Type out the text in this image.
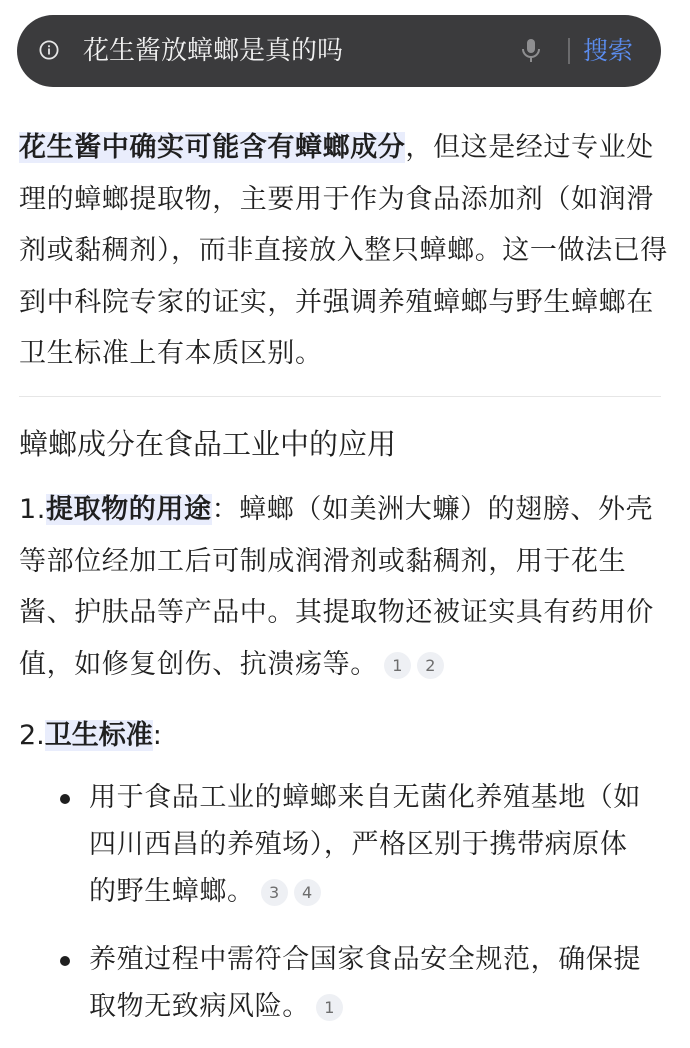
花生酱放蟑螂是真的吗	搜索
花生酱中确实可能含有蟑螂成分，但这是经过专业处理的蟑螂提取物，主要用于作为食品添加剂（如润滑剂或黏稠剂），而非直接放入整只蟑螂。这一做法已得到中科院专家的证实，并强调养殖蟑螂与野生蟑螂在卫生标准上有本质区别。
蟑螂成分在食品工业中的应用
1.提取物的用途：蟑螂（如美洲大蠊）的翅膀、外壳等部位经加工后可制成润滑剂或黏稠剂，用于花生酱、护肤品等产品中。其提取物还被证实具有药用价值，如修复创伤、抗溃疡等。 1 2
2.卫生标准:
用于食品工业的蟑螂来自无菌化养殖基地（如四川西昌的养殖场），严格区别于携带病原体的野生蟑螂。 3 4
养殖过程中需符合国家食品安全规范，确保提取物无致病风险。 1
